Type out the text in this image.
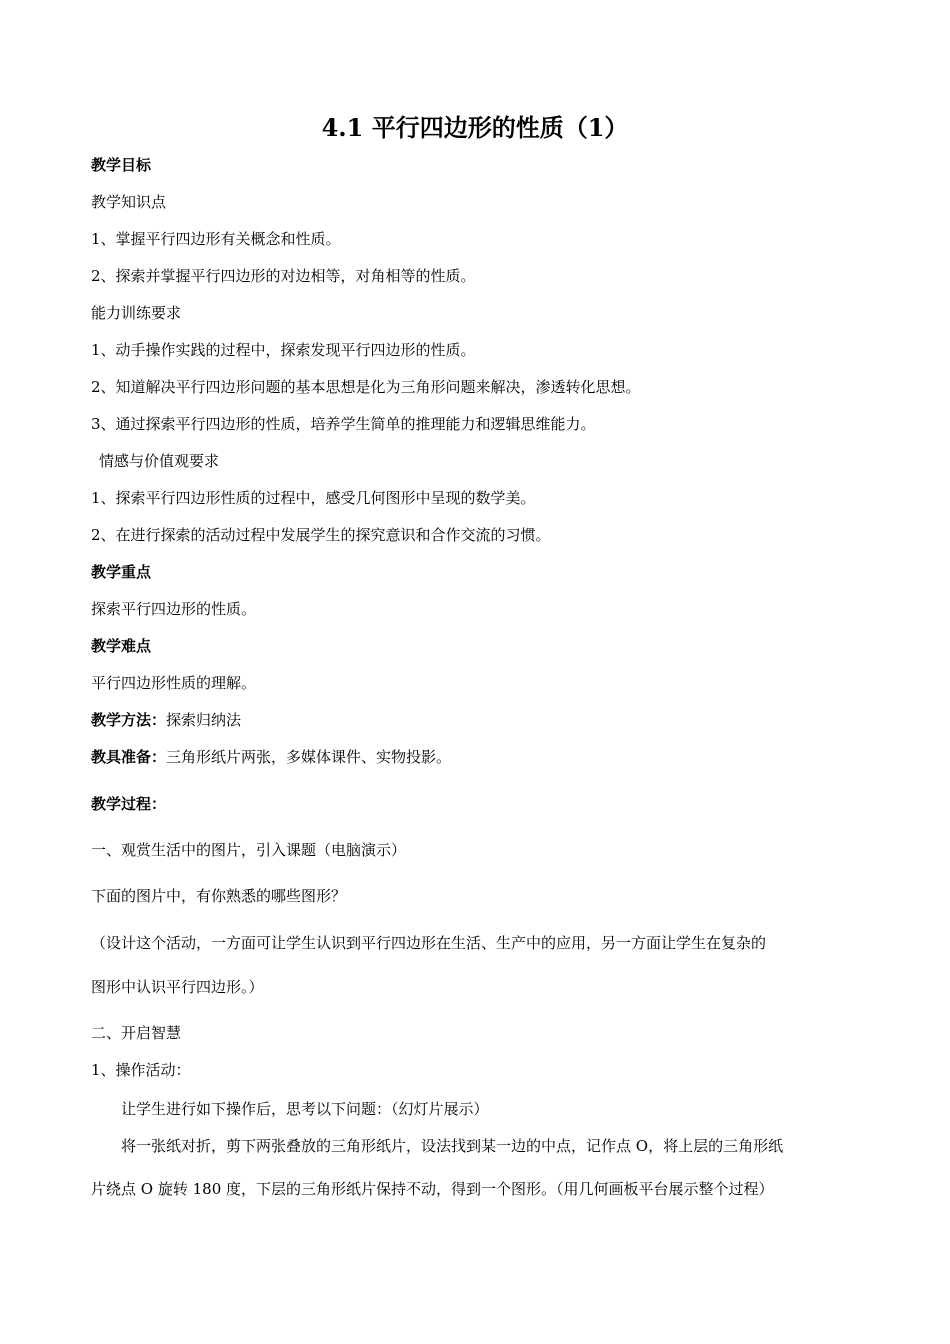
4.1 平行四边形的性质（1）
教学目标
教学知识点
1、掌握平行四边形有关概念和性质。
2、探索并掌握平行四边形的对边相等，对角相等的性质。
能力训练要求
1、动手操作实践的过程中，探索发现平行四边形的性质。
2、知道解决平行四边形问题的基本思想是化为三角形问题来解决，渗透转化思想。
3、通过探索平行四边形的性质，培养学生简单的推理能力和逻辑思维能力。
情感与价值观要求
1、探索平行四边形性质的过程中，感受几何图形中呈现的数学美。
2、在进行探索的活动过程中发展学生的探究意识和合作交流的习惯。
教学重点
探索平行四边形的性质。
教学难点
平行四边形性质的理解。
教学方法：探索归纳法
教具准备：三角形纸片两张，多媒体课件、实物投影。
教学过程：
一、观赏生活中的图片，引入课题（电脑演示）
下面的图片中，有你熟悉的哪些图形？
（设计这个活动，一方面可让学生认识到平行四边形在生活、生产中的应用，另一方面让学生在复杂的
图形中认识平行四边形。）
二、开启智慧
1、操作活动：
让学生进行如下操作后，思考以下问题：（幻灯片展示）
将一张纸对折，剪下两张叠放的三角形纸片，设法找到某一边的中点，记作点 O，将上层的三角形纸
片绕点 O 旋转 180 度，下层的三角形纸片保持不动，得到一个图形。（用几何画板平台展示整个过程）
